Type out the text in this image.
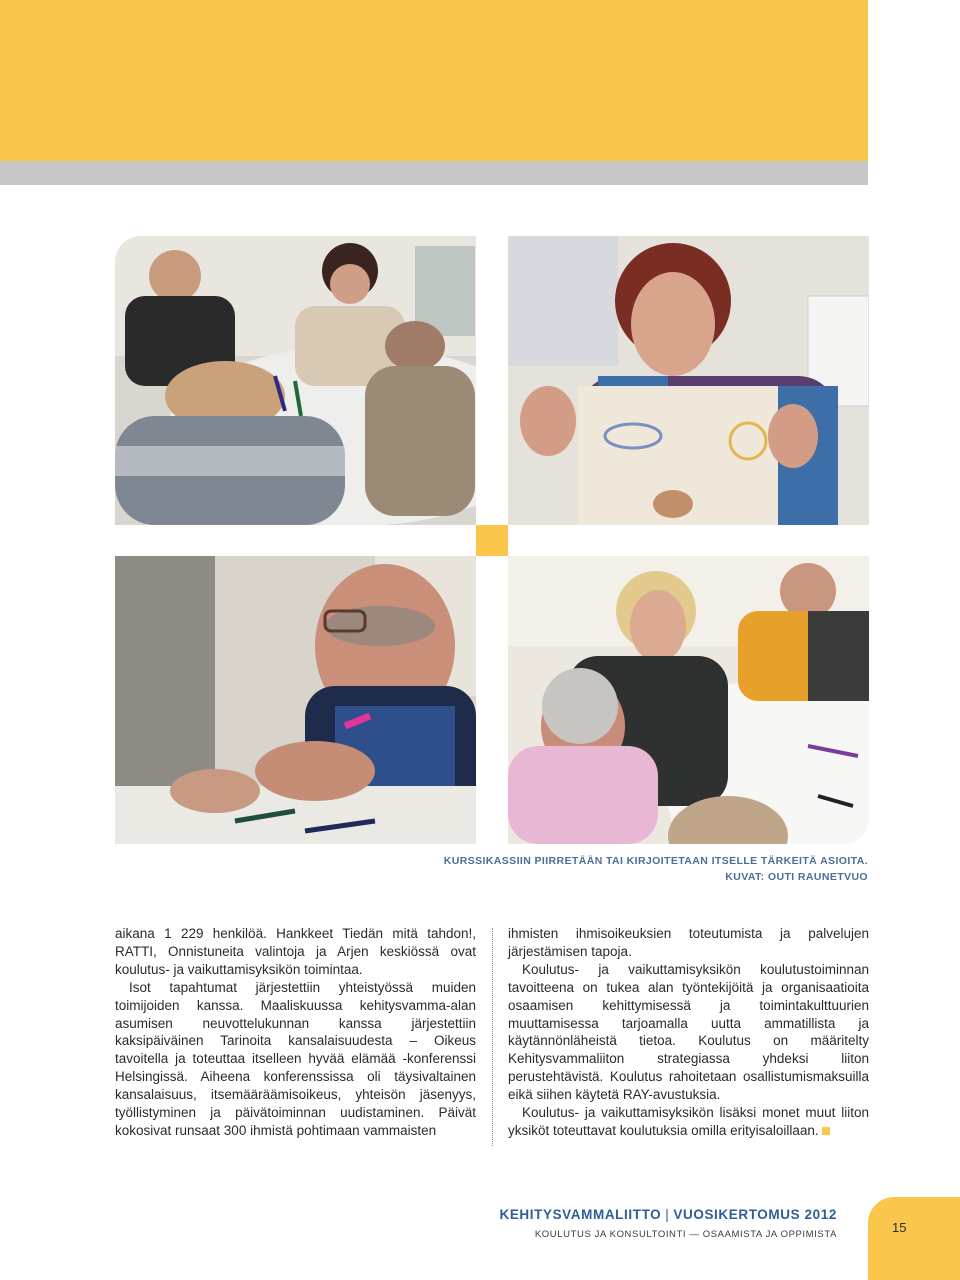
KURSSIKASSIIN PIIRRETÄÄN TAI KIRJOITETAAN ITSELLE TÄRKEITÄ ASIOITA.
KUVAT: OUTI RAUNETVUO

aikana 1 229 henkilöä. Hankkeet Tiedän mitä tahdon!, RATTI, Onnistuneita valintoja ja Arjen keskiössä ovat koulutus- ja vaikuttamisyksikön toimintaa.

Isot tapahtumat järjestettiin yhteistyössä muiden toimijoiden kanssa. Maaliskuussa kehitysvamma-alan asumisen neuvottelukunnan kanssa järjestettiin kaksipäiväinen Tarinoita kansalaisuudesta – Oikeus tavoitella ja toteuttaa itselleen hyvää elämää -konferenssi Helsingissä. Aiheena konferenssissa oli täysivaltainen kansalaisuus, itsemääräämisoikeus, yhteisön jäsenyys, työllistyminen ja päivätoiminnan uudistaminen. Päivät kokosivat runsaat 300 ihmistä pohtimaan vammaisten

ihmisten ihmisoikeuksien toteutumista ja palvelujen järjestämisen tapoja.

Koulutus- ja vaikuttamisyksikön koulutustoiminnan tavoitteena on tukea alan työntekijöitä ja organisaatioita osaamisen kehittymisessä ja toimintakulttuurien muuttamisessa tarjoamalla uutta ammatillista ja käytännönläheistä tietoa. Koulutus on määritelty Kehitysvammaliiton strategiassa yhdeksi liiton perustehtävistä. Koulutus rahoitetaan osallistumismaksuilla eikä siihen käytetä RAY-avustuksia.

Koulutus- ja vaikuttamisyksikön lisäksi monet muut liiton yksiköt toteuttavat koulutuksia omilla erityisaloillaan.

KEHITYSVAMMALIITTO | VUOSIKERTOMUS 2012
KOULUTUS JA KONSULTOINTI — OSAAMISTA JA OPPIMISTA	15
